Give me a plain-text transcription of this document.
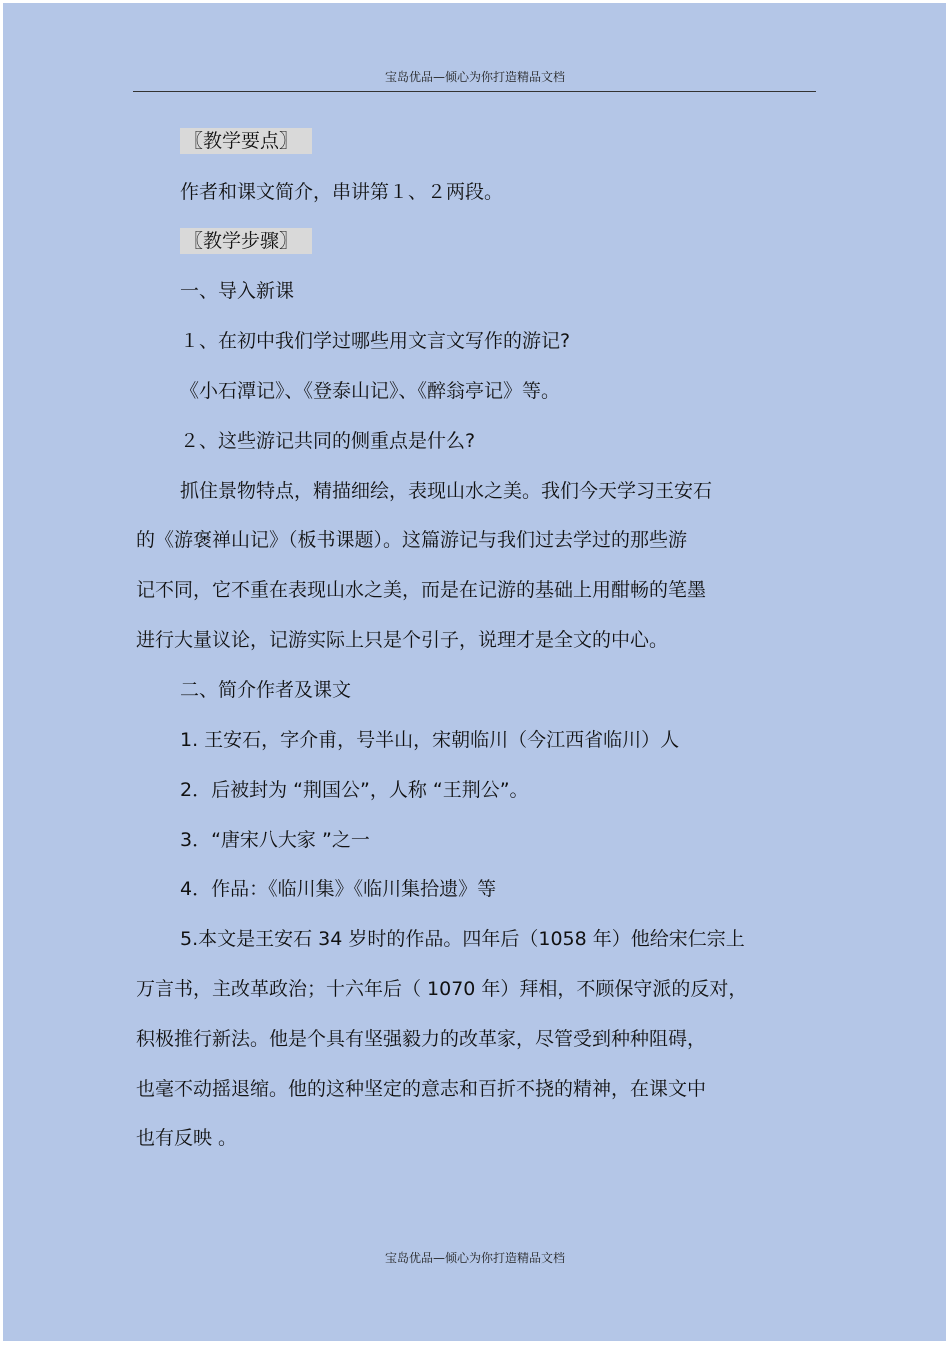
宝岛优品—倾心为你打造精品文档
〖教学要点〗
作者和课文简介，串讲第１、２两段。
〖教学步骤〗
一、导入新课
１、在初中我们学过哪些用文言文写作的游记?
《小石潭记》、《登泰山记》、《醉翁亭记》等。
２、这些游记共同的侧重点是什么?
抓住景物特点，精描细绘，表现山水之美。我们今天学习王安石
的《游褒禅山记》（板书课题）。这篇游记与我们过去学过的那些游
记不同，它不重在表现山水之美，而是在记游的基础上用酣畅的笔墨
进行大量议论，记游实际上只是个引子，说理才是全文的中心。
二、简介作者及课文
1. 王安石，字介甫，号半山，宋朝临川（今江西省临川）人
2．后被封为 “荆国公”，人称 “王荆公”。
3．“唐宋八大家 ”之一
4．作品：《临川集》《临川集拾遗》等
5.本文是王安石 34 岁时的作品。四年后（1058 年）他给宋仁宗上
万言书，主改革政治；十六年后（ 1070 年）拜相，不顾保守派的反对，
积极推行新法。他是个具有坚强毅力的改革家，尽管受到种种阻碍，
也毫不动摇退缩。他的这种坚定的意志和百折不挠的精神，在课文中
也有反映 。
宝岛优品—倾心为你打造精品文档
